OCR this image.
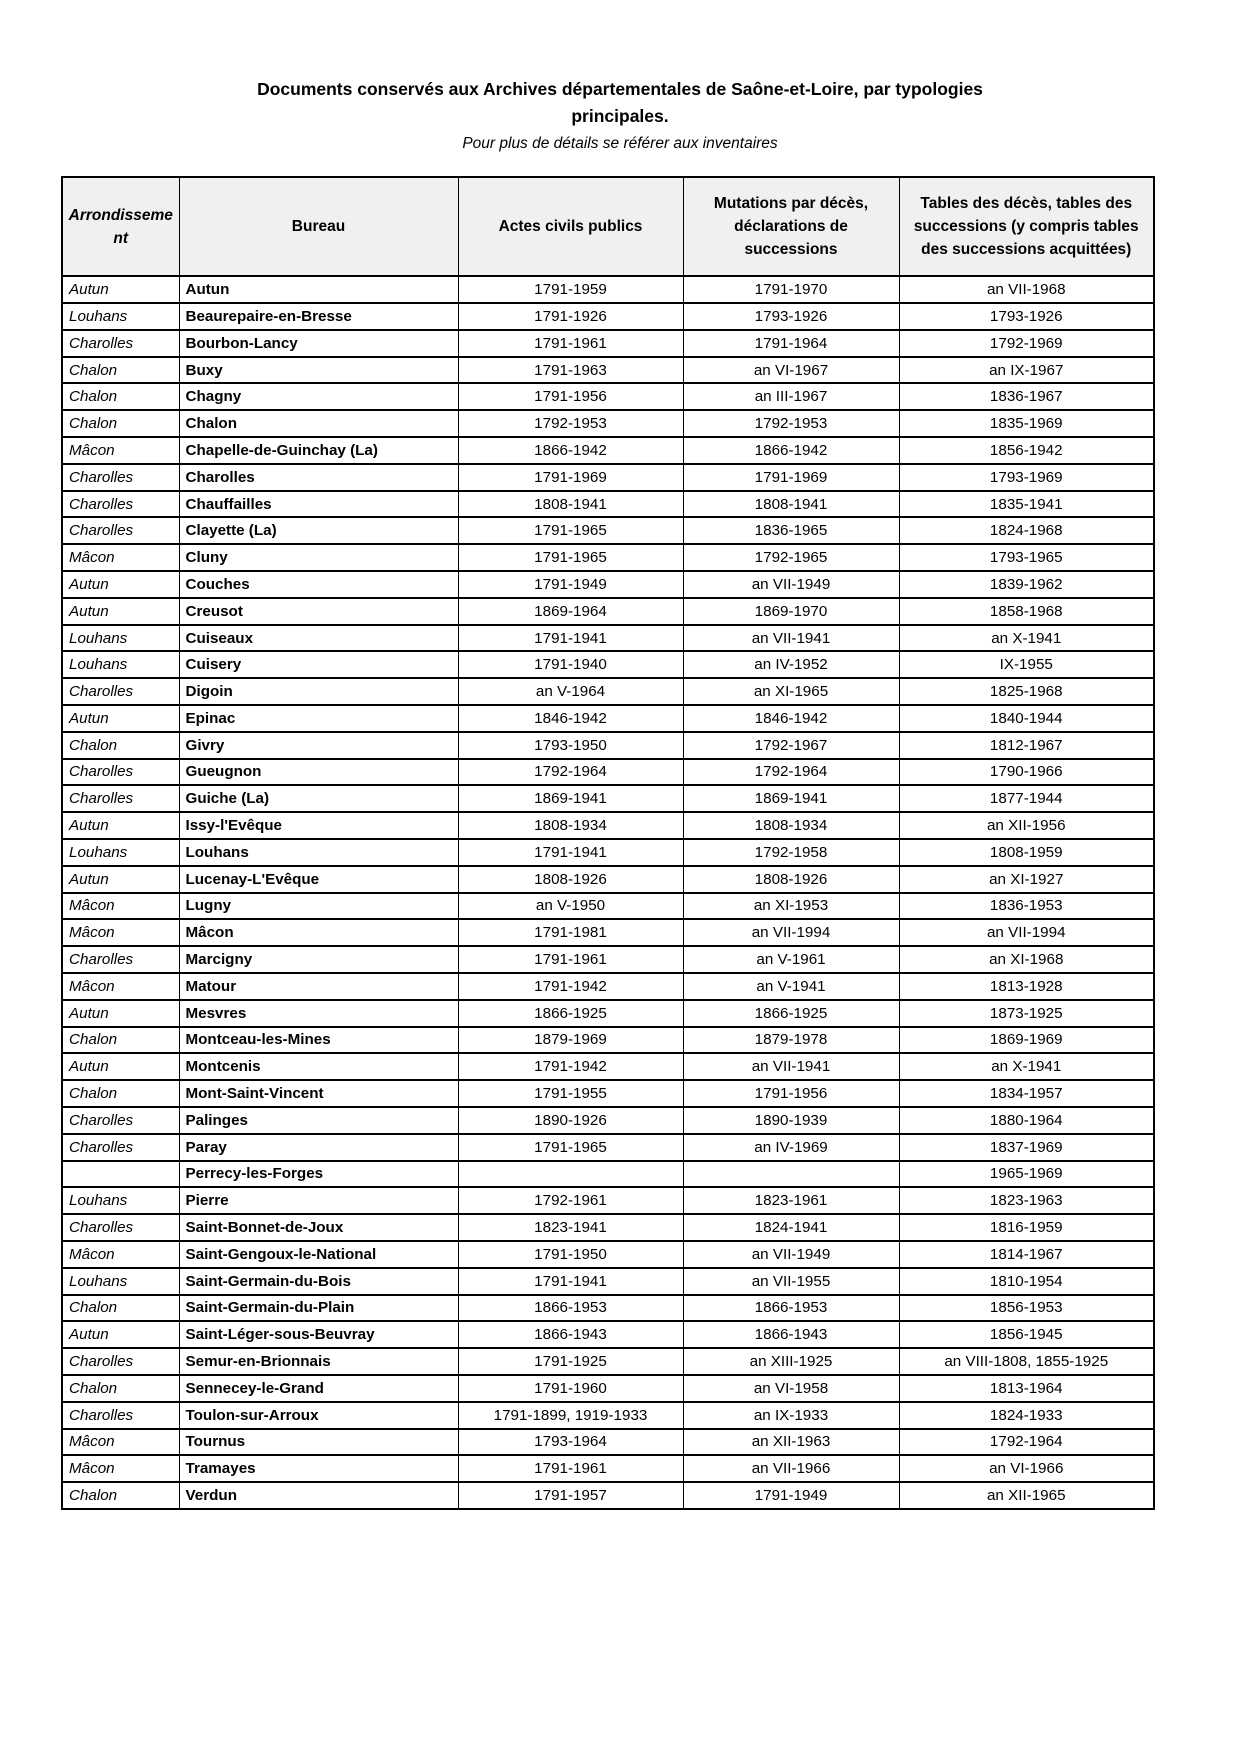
Documents conservés aux Archives départementales de Saône-et-Loire, par typologies
principales.
Pour plus de détails se référer aux inventaires
Arrondissement	Bureau	Actes civils publics	Mutations par décès, déclarations de successions	Tables des décès, tables des successions (y compris tables des successions acquittées)
Autun	Autun	1791-1959	1791-1970	an VII-1968
Louhans	Beaurepaire-en-Bresse	1791-1926	1793-1926	1793-1926
Charolles	Bourbon-Lancy	1791-1961	1791-1964	1792-1969
Chalon	Buxy	1791-1963	an VI-1967	an IX-1967
Chalon	Chagny	1791-1956	an III-1967	1836-1967
Chalon	Chalon	1792-1953	1792-1953	1835-1969
Mâcon	Chapelle-de-Guinchay (La)	1866-1942	1866-1942	1856-1942
Charolles	Charolles	1791-1969	1791-1969	1793-1969
Charolles	Chauffailles	1808-1941	1808-1941	1835-1941
Charolles	Clayette (La)	1791-1965	1836-1965	1824-1968
Mâcon	Cluny	1791-1965	1792-1965	1793-1965
Autun	Couches	1791-1949	an VII-1949	1839-1962
Autun	Creusot	1869-1964	1869-1970	1858-1968
Louhans	Cuiseaux	1791-1941	an VII-1941	an X-1941
Louhans	Cuisery	1791-1940	an IV-1952	IX-1955
Charolles	Digoin	an V-1964	an XI-1965	1825-1968
Autun	Epinac	1846-1942	1846-1942	1840-1944
Chalon	Givry	1793-1950	1792-1967	1812-1967
Charolles	Gueugnon	1792-1964	1792-1964	1790-1966
Charolles	Guiche (La)	1869-1941	1869-1941	1877-1944
Autun	Issy-l'Evêque	1808-1934	1808-1934	an XII-1956
Louhans	Louhans	1791-1941	1792-1958	1808-1959
Autun	Lucenay-L'Evêque	1808-1926	1808-1926	an XI-1927
Mâcon	Lugny	an V-1950	an XI-1953	1836-1953
Mâcon	Mâcon	1791-1981	an VII-1994	an VII-1994
Charolles	Marcigny	1791-1961	an V-1961	an XI-1968
Mâcon	Matour	1791-1942	an V-1941	1813-1928
Autun	Mesvres	1866-1925	1866-1925	1873-1925
Chalon	Montceau-les-Mines	1879-1969	1879-1978	1869-1969
Autun	Montcenis	1791-1942	an VII-1941	an X-1941
Chalon	Mont-Saint-Vincent	1791-1955	1791-1956	1834-1957
Charolles	Palinges	1890-1926	1890-1939	1880-1964
Charolles	Paray	1791-1965	an IV-1969	1837-1969
	Perrecy-les-Forges			1965-1969
Louhans	Pierre	1792-1961	1823-1961	1823-1963
Charolles	Saint-Bonnet-de-Joux	1823-1941	1824-1941	1816-1959
Mâcon	Saint-Gengoux-le-National	1791-1950	an VII-1949	1814-1967
Louhans	Saint-Germain-du-Bois	1791-1941	an VII-1955	1810-1954
Chalon	Saint-Germain-du-Plain	1866-1953	1866-1953	1856-1953
Autun	Saint-Léger-sous-Beuvray	1866-1943	1866-1943	1856-1945
Charolles	Semur-en-Brionnais	1791-1925	an XIII-1925	an VIII-1808, 1855-1925
Chalon	Sennecey-le-Grand	1791-1960	an VI-1958	1813-1964
Charolles	Toulon-sur-Arroux	1791-1899, 1919-1933	an IX-1933	1824-1933
Mâcon	Tournus	1793-1964	an XII-1963	1792-1964
Mâcon	Tramayes	1791-1961	an VII-1966	an VI-1966
Chalon	Verdun	1791-1957	1791-1949	an XII-1965
